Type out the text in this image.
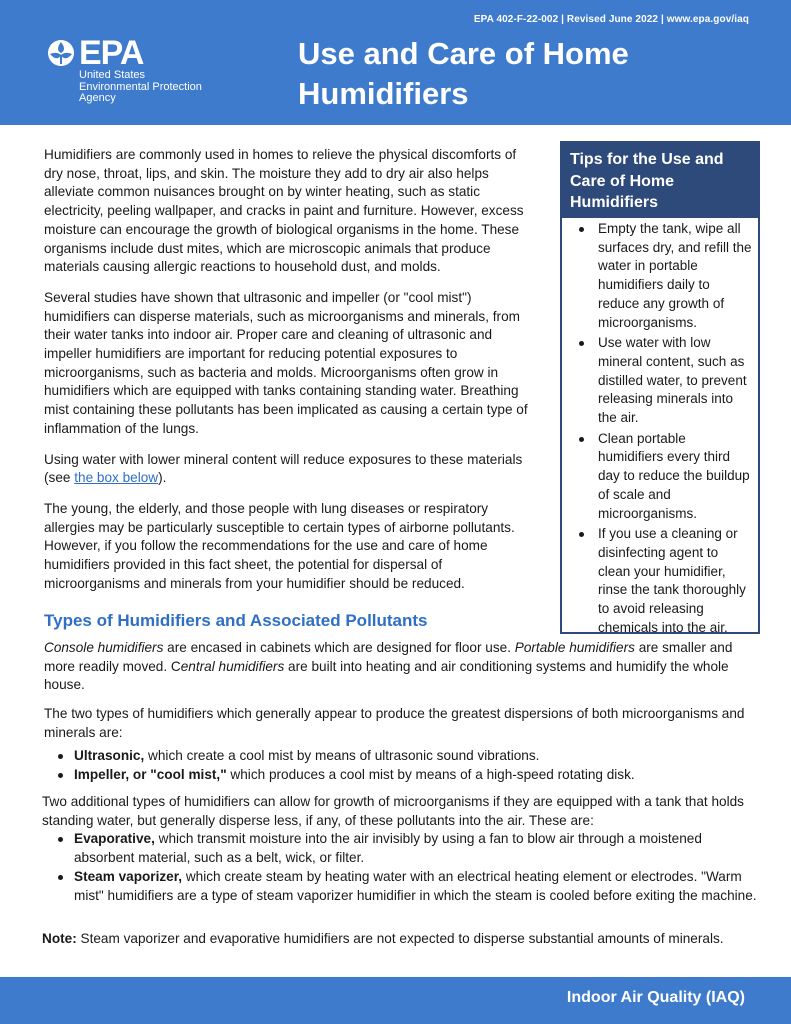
EPA 402-F-22-002 | Revised June 2022 | www.epa.gov/iaq
EPA
United States
Environmental Protection
Agency
Use and Care of Home Humidifiers

Humidifiers are commonly used in homes to relieve the physical discomforts of dry nose, throat, lips, and skin. The moisture they add to dry air also helps alleviate common nuisances brought on by winter heating, such as static electricity, peeling wallpaper, and cracks in paint and furniture. However, excess moisture can encourage the growth of biological organisms in the home. These organisms include dust mites, which are microscopic animals that produce materials causing allergic reactions to household dust, and molds.

Several studies have shown that ultrasonic and impeller (or "cool mist") humidifiers can disperse materials, such as microorganisms and minerals, from their water tanks into indoor air. Proper care and cleaning of ultrasonic and impeller humidifiers are important for reducing potential exposures to microorganisms, such as bacteria and molds. Microorganisms often grow in humidifiers which are equipped with tanks containing standing water. Breathing mist containing these pollutants has been implicated as causing a certain type of inflammation of the lungs.

Using water with lower mineral content will reduce exposures to these materials (see the box below).

The young, the elderly, and those people with lung diseases or respiratory allergies may be particularly susceptible to certain types of airborne pollutants. However, if you follow the recommendations for the use and care of home humidifiers provided in this fact sheet, the potential for dispersal of microorganisms and minerals from your humidifier should be reduced.

Tips for the Use and Care of Home Humidifiers
Empty the tank, wipe all surfaces dry, and refill the water in portable humidifiers daily to reduce any growth of microorganisms.
Use water with low mineral content, such as distilled water, to prevent releasing minerals into the air.
Clean portable humidifiers every third day to reduce the buildup of scale and microorganisms.
If you use a cleaning or disinfecting agent to clean your humidifier, rinse the tank thoroughly to avoid releasing chemicals into the air.
Types of Humidifiers and Associated Pollutants

Console humidifiers are encased in cabinets which are designed for floor use. Portable humidifiers are smaller and more readily moved. Central humidifiers are built into heating and air conditioning systems and humidify the whole house.

The two types of humidifiers which generally appear to produce the greatest dispersions of both microorganisms and minerals are:

Ultrasonic, which create a cool mist by means of ultrasonic sound vibrations.
Impeller, or "cool mist," which produces a cool mist by means of a high-speed rotating disk.

Two additional types of humidifiers can allow for growth of microorganisms if they are equipped with a tank that holds standing water, but generally disperse less, if any, of these pollutants into the air. These are:

Evaporative, which transmit moisture into the air invisibly by using a fan to blow air through a moistened absorbent material, such as a belt, wick, or filter.
Steam vaporizer, which create steam by heating water with an electrical heating element or electrodes. "Warm mist" humidifiers are a type of steam vaporizer humidifier in which the steam is cooled before exiting the machine.

Note: Steam vaporizer and evaporative humidifiers are not expected to disperse substantial amounts of minerals.

Indoor Air Quality (IAQ)
